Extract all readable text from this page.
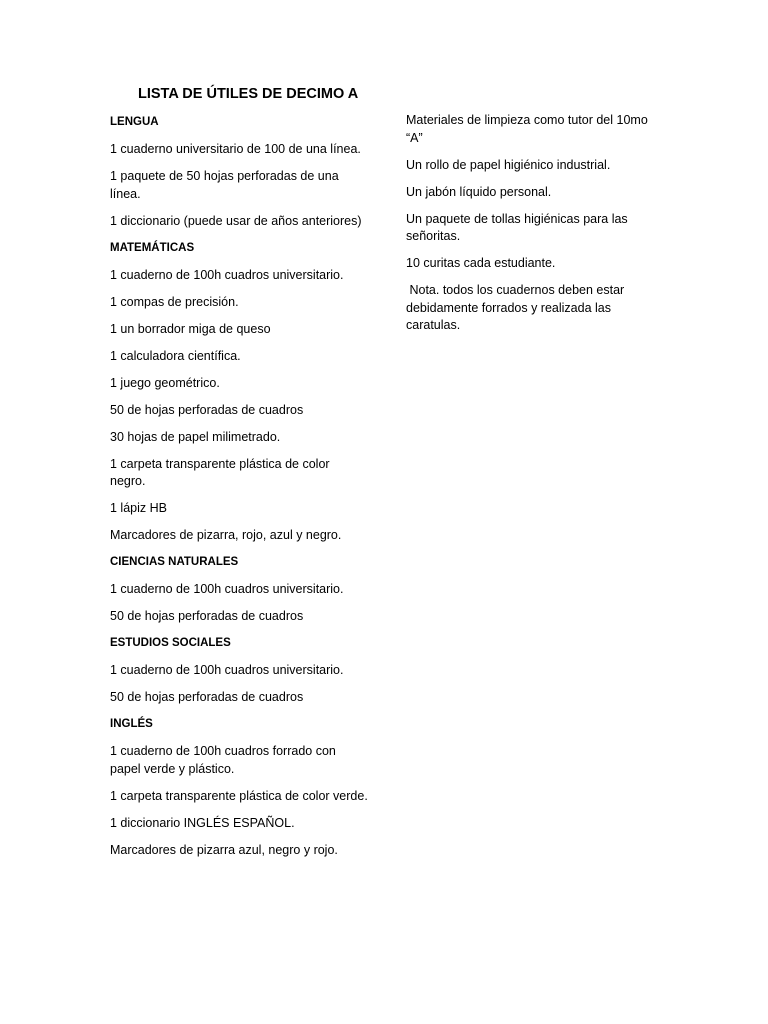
LISTA DE ÚTILES DE DECIMO A

LENGUA

1 cuaderno universitario de 100 de una línea.

1 paquete de 50 hojas perforadas de una línea.

1 diccionario (puede usar de años anteriores)

MATEMÁTICAS

1 cuaderno de 100h cuadros universitario.

1 compas de precisión.

1 un borrador miga de queso

1 calculadora científica.

1 juego geométrico.

50 de hojas perforadas de cuadros

30 hojas de papel milimetrado.

1 carpeta transparente plástica de color negro.

1 lápiz HB

Marcadores de pizarra, rojo, azul y negro.

CIENCIAS NATURALES

1 cuaderno de 100h cuadros universitario.

50 de hojas perforadas de cuadros

ESTUDIOS SOCIALES

1 cuaderno de 100h cuadros universitario.

50 de hojas perforadas de cuadros

INGLÉS

1 cuaderno de 100h cuadros forrado con papel verde y plástico.

1 carpeta transparente plástica de color verde.

1 diccionario INGLÉS ESPAÑOL.

Marcadores de pizarra azul, negro y rojo.

Materiales de limpieza como tutor del 10mo “A”

Un rollo de papel higiénico industrial.

Un jabón líquido personal.

Un paquete de tollas higiénicas para las señoritas.

10 curitas cada estudiante.

Nota. todos los cuadernos deben estar debidamente forrados y realizada las caratulas.
